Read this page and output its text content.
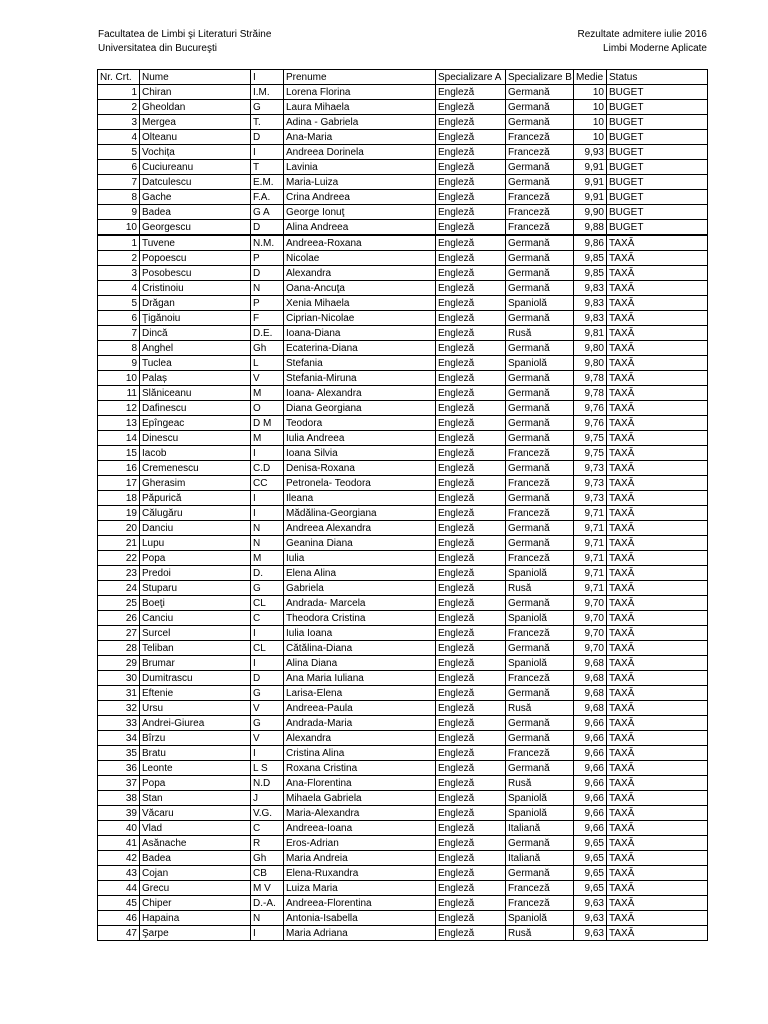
Facultatea de Limbi şi Literaturi Străine
Universitatea din Bucureşti
Rezultate admitere iulie 2016
Limbi Moderne Aplicate
Nr. Crt.	Nume	I	Prenume	Specializare A	Specializare B	Medie	Status
1	Chiran	I.M.	Lorena Florina	Engleză	Germană	10	BUGET
2	Gheoldan	G	Laura Mihaela	Engleză	Germană	10	BUGET
3	Mergea	T.	Adina - Gabriela	Engleză	Germană	10	BUGET
4	Olteanu	D	Ana-Maria	Engleză	Franceză	10	BUGET
5	Vochița	I	Andreea Dorinela	Engleză	Franceză	9,93	BUGET
6	Cuciureanu	T	Lavinia	Engleză	Germană	9,91	BUGET
7	Datculescu	E.M.	Maria-Luiza	Engleză	Germană	9,91	BUGET
8	Gache	F.A.	Crina Andreea	Engleză	Franceză	9,91	BUGET
9	Badea	G A	George Ionuţ	Engleză	Franceză	9,90	BUGET
10	Georgescu	D	Alina Andreea	Engleză	Franceză	9,88	BUGET
1	Tuvene	N.M.	Andreea-Roxana	Engleză	Germană	9,86	TAXĂ
2	Popoescu	P	Nicolae	Engleză	Germană	9,85	TAXĂ
3	Posobescu	D	Alexandra	Engleză	Germană	9,85	TAXĂ
4	Cristinoiu	N	Oana-Ancuţa	Engleză	Germană	9,83	TAXĂ
5	Drăgan	P	Xenia Mihaela	Engleză	Spaniolă	9,83	TAXĂ
6	Ţigănoiu	F	Ciprian-Nicolae	Engleză	Germană	9,83	TAXĂ
7	Dincă	D.E.	Ioana-Diana	Engleză	Rusă	9,81	TAXĂ
8	Anghel	Gh	Ecaterina-Diana	Engleză	Germană	9,80	TAXĂ
9	Tuclea	L	Stefania	Engleză	Spaniolă	9,80	TAXĂ
10	Palaș	V	Stefania-Miruna	Engleză	Germană	9,78	TAXĂ
11	Slăniceanu	M	Ioana- Alexandra	Engleză	Germană	9,78	TAXĂ
12	Dafinescu	O	Diana Georgiana	Engleză	Germană	9,76	TAXĂ
13	Epîngeac	D M	Teodora	Engleză	Germană	9,76	TAXĂ
14	Dinescu	M	Iulia Andreea	Engleză	Germană	9,75	TAXĂ
15	Iacob	I	Ioana Silvia	Engleză	Franceză	9,75	TAXĂ
16	Cremenescu	C.D	Denisa-Roxana	Engleză	Germană	9,73	TAXĂ
17	Gherasim	CC	Petronela- Teodora	Engleză	Franceză	9,73	TAXĂ
18	Păpurică	I	Ileana	Engleză	Germană	9,73	TAXĂ
19	Călugăru	I	Mădălina-Georgiana	Engleză	Franceză	9,71	TAXĂ
20	Danciu	N	Andreea Alexandra	Engleză	Germană	9,71	TAXĂ
21	Lupu	N	Geanina Diana	Engleză	Germană	9,71	TAXĂ
22	Popa	M	Iulia	Engleză	Franceză	9,71	TAXĂ
23	Predoi	D.	Elena Alina	Engleză	Spaniolă	9,71	TAXĂ
24	Stuparu	G	Gabriela	Engleză	Rusă	9,71	TAXĂ
25	Boeţi	CL	Andrada- Marcela	Engleză	Germană	9,70	TAXĂ
26	Canciu	C	Theodora Cristina	Engleză	Spaniolă	9,70	TAXĂ
27	Surcel	I	Iulia Ioana	Engleză	Franceză	9,70	TAXĂ
28	Teliban	CL	Cătălina-Diana	Engleză	Germană	9,70	TAXĂ
29	Brumar	I	Alina Diana	Engleză	Spaniolă	9,68	TAXĂ
30	Dumitrascu	D	Ana Maria Iuliana	Engleză	Franceză	9,68	TAXĂ
31	Eftenie	G	Larisa-Elena	Engleză	Germană	9,68	TAXĂ
32	Ursu	V	Andreea-Paula	Engleză	Rusă	9,68	TAXĂ
33	Andrei-Giurea	G	Andrada-Maria	Engleză	Germană	9,66	TAXĂ
34	Bîrzu	V	Alexandra	Engleză	Germană	9,66	TAXĂ
35	Bratu	I	Cristina Alina	Engleză	Franceză	9,66	TAXĂ
36	Leonte	L S	Roxana Cristina	Engleză	Germană	9,66	TAXĂ
37	Popa	N.D	Ana-Florentina	Engleză	Rusă	9,66	TAXĂ
38	Stan	J	Mihaela Gabriela	Engleză	Spaniolă	9,66	TAXĂ
39	Văcaru	V.G.	Maria-Alexandra	Engleză	Spaniolă	9,66	TAXĂ
40	Vlad	C	Andreea-Ioana	Engleză	Italiană	9,66	TAXĂ
41	Asănache	R	Eros-Adrian	Engleză	Germană	9,65	TAXĂ
42	Badea	Gh	Maria Andreia	Engleză	Italiană	9,65	TAXĂ
43	Cojan	CB	Elena-Ruxandra	Engleză	Germană	9,65	TAXĂ
44	Grecu	M V	Luiza Maria	Engleză	Franceză	9,65	TAXĂ
45	Chiper	D.-A.	Andreea-Florentina	Engleză	Franceză	9,63	TAXĂ
46	Hapaina	N	Antonia-Isabella	Engleză	Spaniolă	9,63	TAXĂ
47	Şarpe	I	Maria Adriana	Engleză	Rusă	9,63	TAXĂ
